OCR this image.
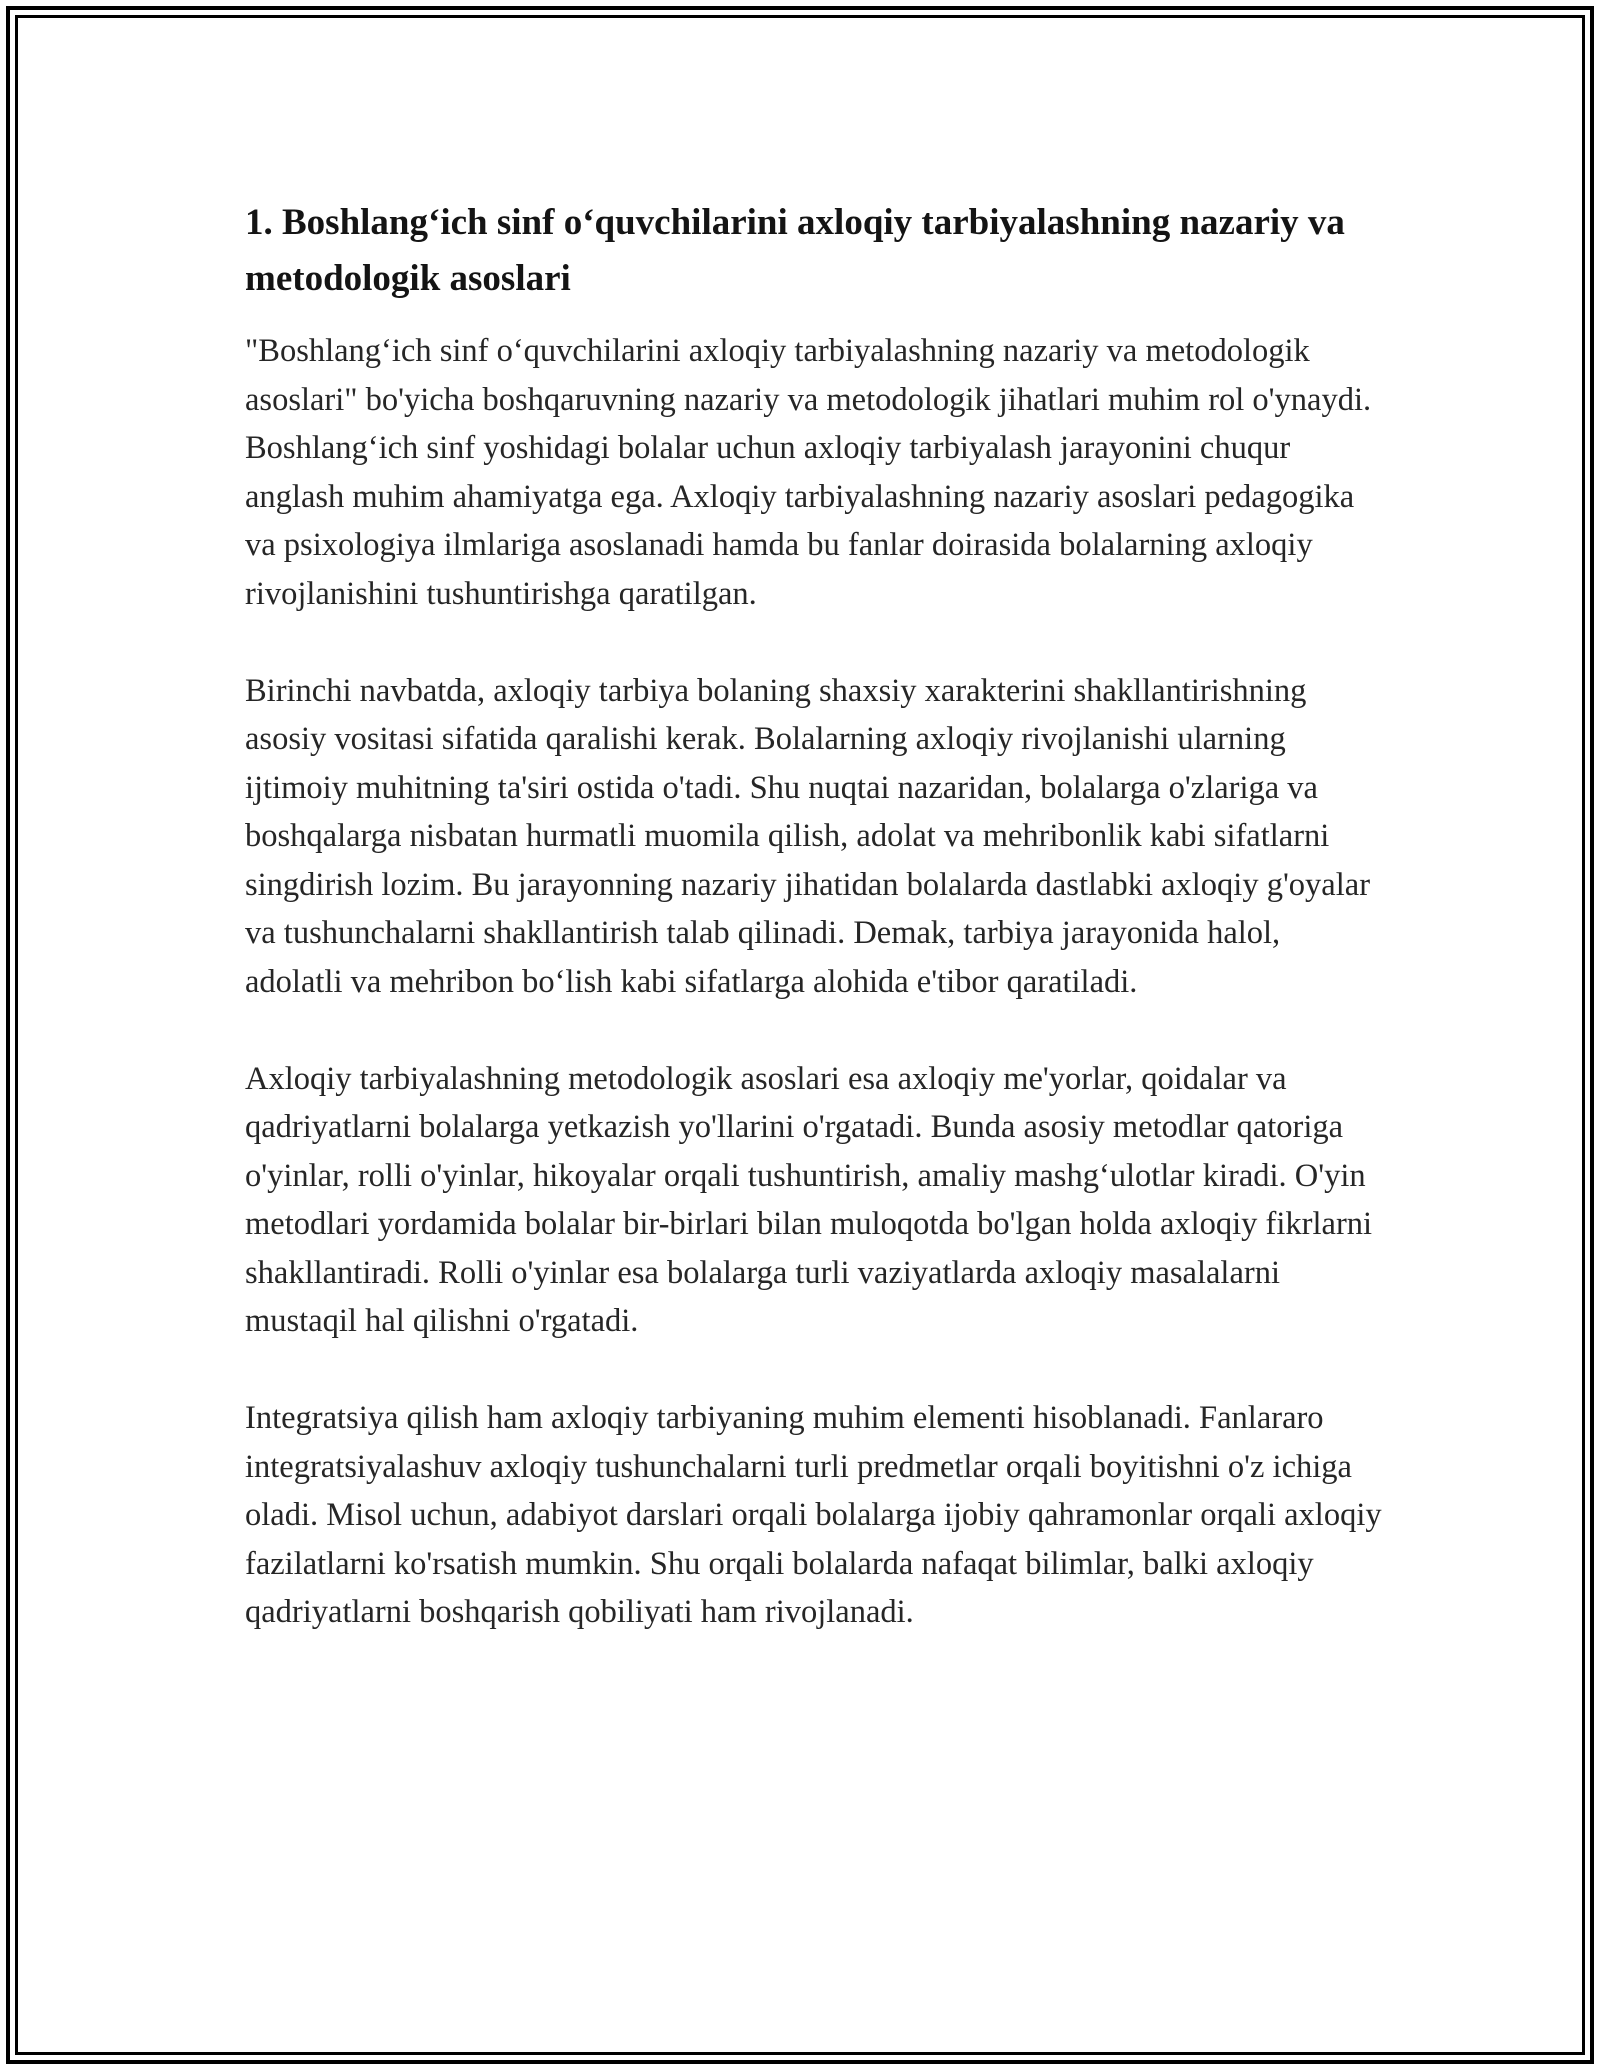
1. Boshlang‘ich sinf o‘quvchilarini axloqiy tarbiyalashning nazariy va metodologik asoslari

"Boshlang‘ich sinf o‘quvchilarini axloqiy tarbiyalashning nazariy va metodologik asoslari" bo'yicha boshqaruvning nazariy va metodologik jihatlari muhim rol o'ynaydi. Boshlang‘ich sinf yoshidagi bolalar uchun axloqiy tarbiyalash jarayonini chuqur anglash muhim ahamiyatga ega. Axloqiy tarbiyalashning nazariy asoslari pedagogika va psixologiya ilmlariga asoslanadi hamda bu fanlar doirasida bolalarning axloqiy rivojlanishini tushuntirishga qaratilgan.

Birinchi navbatda, axloqiy tarbiya bolaning shaxsiy xarakterini shakllantirishning asosiy vositasi sifatida qaralishi kerak. Bolalarning axloqiy rivojlanishi ularning ijtimoiy muhitning ta'siri ostida o'tadi. Shu nuqtai nazaridan, bolalarga o'zlariga va boshqalarga nisbatan hurmatli muomila qilish, adolat va mehribonlik kabi sifatlarni singdirish lozim. Bu jarayonning nazariy jihatidan bolalarda dastlabki axloqiy g'oyalar va tushunchalarni shakllantirish talab qilinadi. Demak, tarbiya jarayonida halol, adolatli va mehribon bo‘lish kabi sifatlarga alohida e'tibor qaratiladi.

Axloqiy tarbiyalashning metodologik asoslari esa axloqiy me'yorlar, qoidalar va qadriyatlarni bolalarga yetkazish yo'llarini o'rgatadi. Bunda asosiy metodlar qatoriga o'yinlar, rolli o'yinlar, hikoyalar orqali tushuntirish, amaliy mashg‘ulotlar kiradi. O'yin metodlari yordamida bolalar bir-birlari bilan muloqotda bo'lgan holda axloqiy fikrlarni shakllantiradi. Rolli o'yinlar esa bolalarga turli vaziyatlarda axloqiy masalalarni mustaqil hal qilishni o'rgatadi.

Integratsiya qilish ham axloqiy tarbiyaning muhim elementi hisoblanadi. Fanlararo integratsiyalashuv axloqiy tushunchalarni turli predmetlar orqali boyitishni o'z ichiga oladi. Misol uchun, adabiyot darslari orqali bolalarga ijobiy qahramonlar orqali axloqiy fazilatlarni ko'rsatish mumkin. Shu orqali bolalarda nafaqat bilimlar, balki axloqiy qadriyatlarni boshqarish qobiliyati ham rivojlanadi.
